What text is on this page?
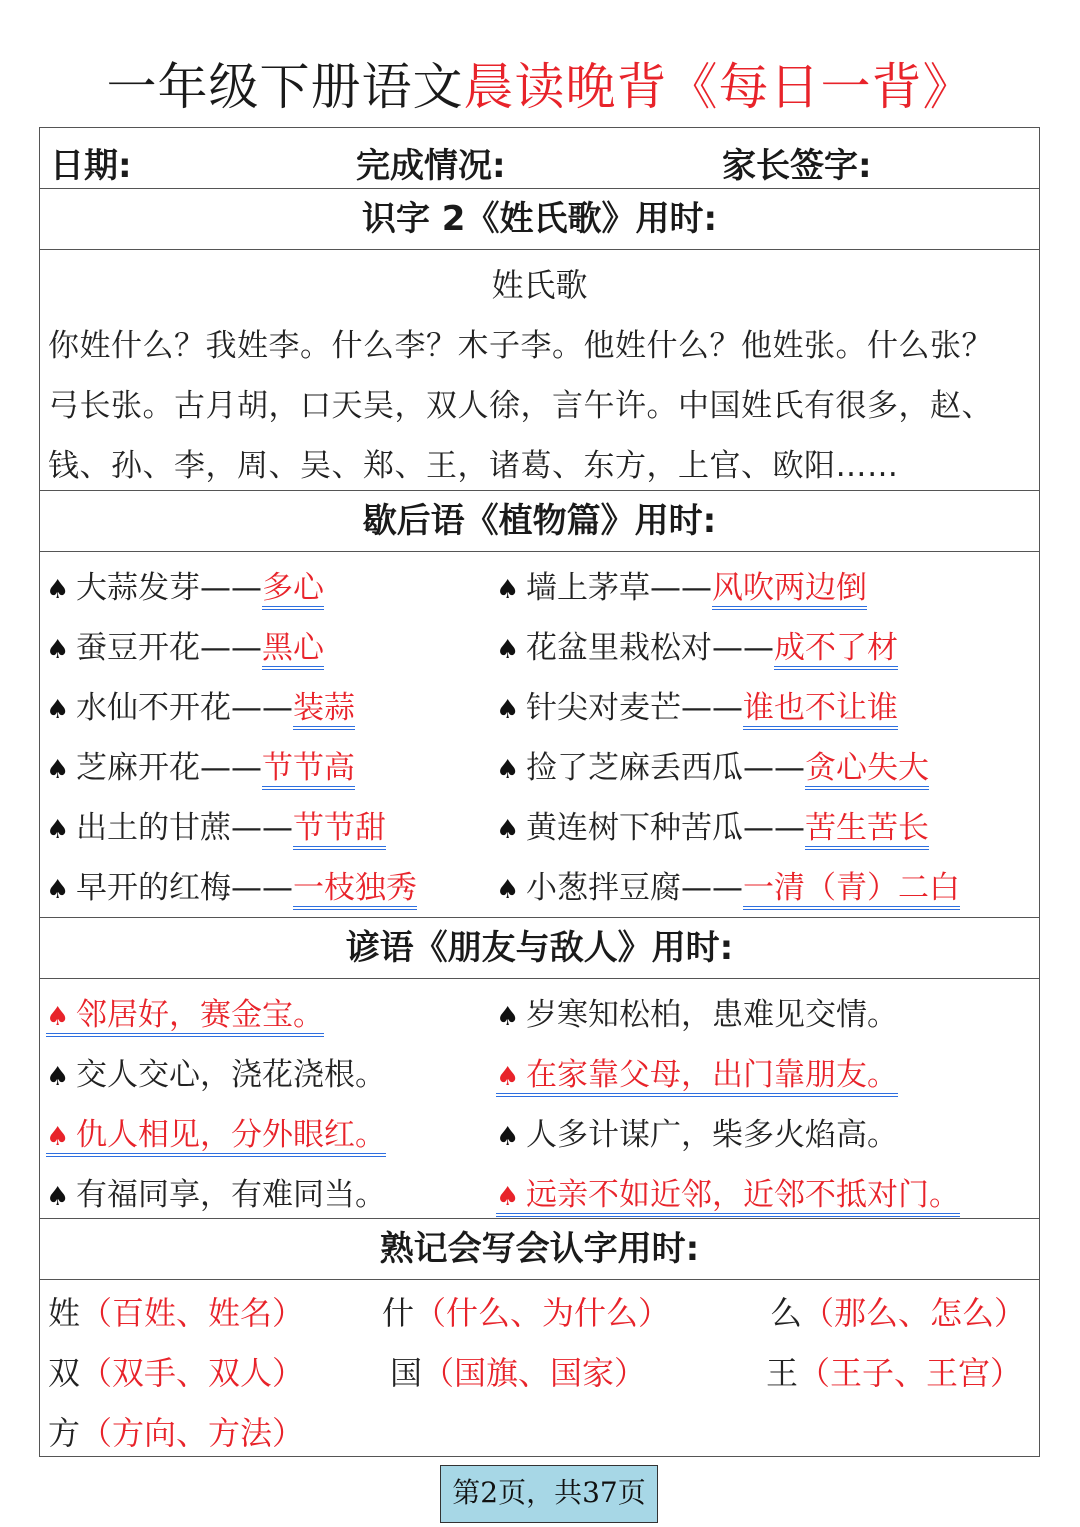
一年级下册语文晨读晚背《每日一背》
日期:	完成情况:	家长签字:
识字 2《姓氏歌》用时:
姓氏歌
你姓什么？我姓李。什么李？木子李。他姓什么？他姓张。什么张？
弓长张。古月胡，口天吴，双人徐，言午许。中国姓氏有很多，赵、
钱、孙、李，周、吴、郑、王，诸葛、东方，上官、欧阳……
歇后语《植物篇》用时:
♠ 大蒜发芽——多心	♠ 墙上茅草——风吹两边倒
♠ 蚕豆开花——黑心	♠ 花盆里栽松对——成不了材
♠ 水仙不开花——装蒜	♠ 针尖对麦芒——谁也不让谁
♠ 芝麻开花——节节高	♠ 捡了芝麻丢西瓜——贪心失大
♠ 出土的甘蔗——节节甜	♠ 黄连树下种苦瓜——苦生苦长
♠ 早开的红梅——一枝独秀	♠ 小葱拌豆腐——一清（青）二白
谚语《朋友与敌人》用时:
♠ 邻居好，赛金宝。	♠ 岁寒知松柏，患难见交情。
♠ 交人交心，浇花浇根。	♠ 在家靠父母，出门靠朋友。
♠ 仇人相见，分外眼红。	♠ 人多计谋广，柴多火焰高。
♠ 有福同享，有难同当。	♠ 远亲不如近邻，近邻不抵对门。
熟记会写会认字用时:
姓（百姓、姓名） 什（什么、为什么）	么（那么、怎么）
双（双手、双人）	国（国旗、国家）	王（王子、王宫）
方（方向、方法）
第2页，共37页
